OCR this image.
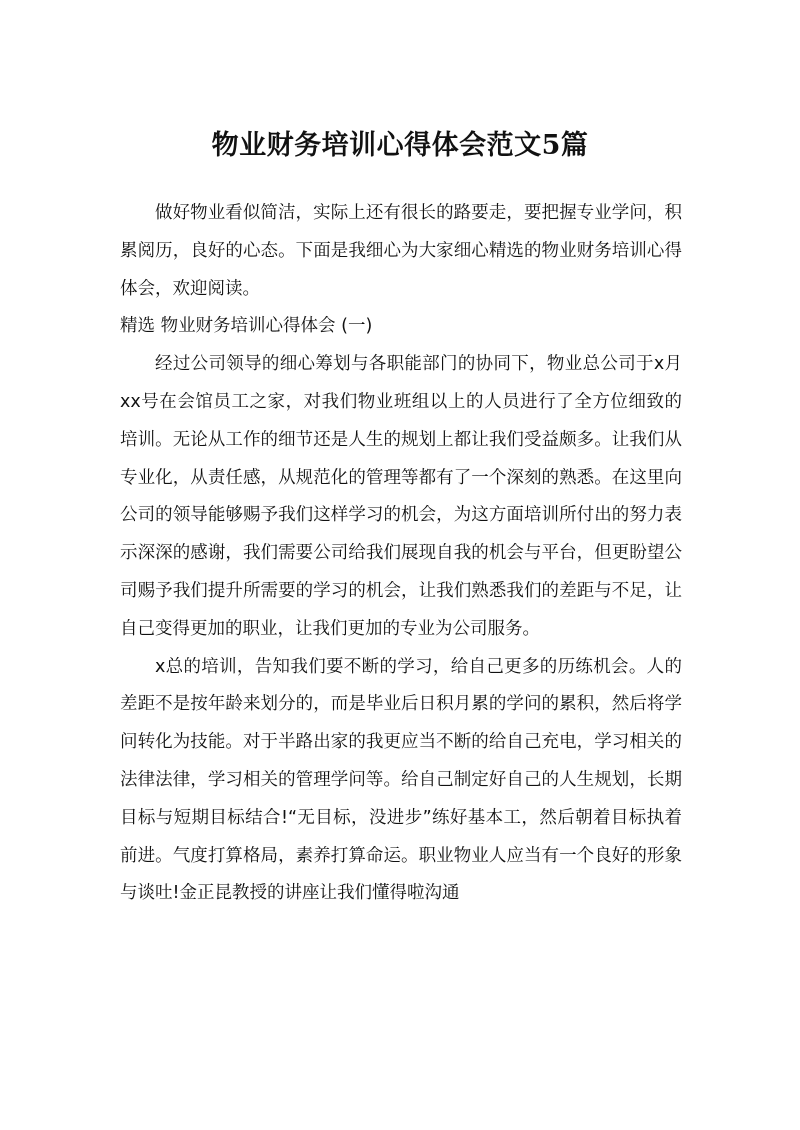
物业财务培训心得体会范文5篇

做好物业看似简洁，实际上还有很长的路要走，要把握专业学问，积累阅历，良好的心态。下面是我细心为大家细心精选的物业财务培训心得体会，欢迎阅读。

精选 物业财务培训心得体会 (一)

经过公司领导的细心筹划与各职能部门的协同下，物业总公司于x月xx号在会馆员工之家，对我们物业班组以上的人员进行了全方位细致的培训。无论从工作的细节还是人生的规划上都让我们受益颇多。让我们从专业化，从责任感，从规范化的管理等都有了一个深刻的熟悉。在这里向公司的领导能够赐予我们这样学习的机会，为这方面培训所付出的努力表示深深的感谢，我们需要公司给我们展现自我的机会与平台，但更盼望公司赐予我们提升所需要的学习的机会，让我们熟悉我们的差距与不足，让自己变得更加的职业，让我们更加的专业为公司服务。

x总的培训，告知我们要不断的学习，给自己更多的历练机会。人的差距不是按年龄来划分的，而是毕业后日积月累的学问的累积，然后将学问转化为技能。对于半路出家的我更应当不断的给自己充电，学习相关的法律法律，学习相关的管理学问等。给自己制定好自己的人生规划，长期目标与短期目标结合!“无目标，没进步”练好基本工，然后朝着目标执着前进。气度打算格局，素养打算命运。职业物业人应当有一个良好的形象与谈吐!金正昆教授的讲座让我们懂得啦沟通
